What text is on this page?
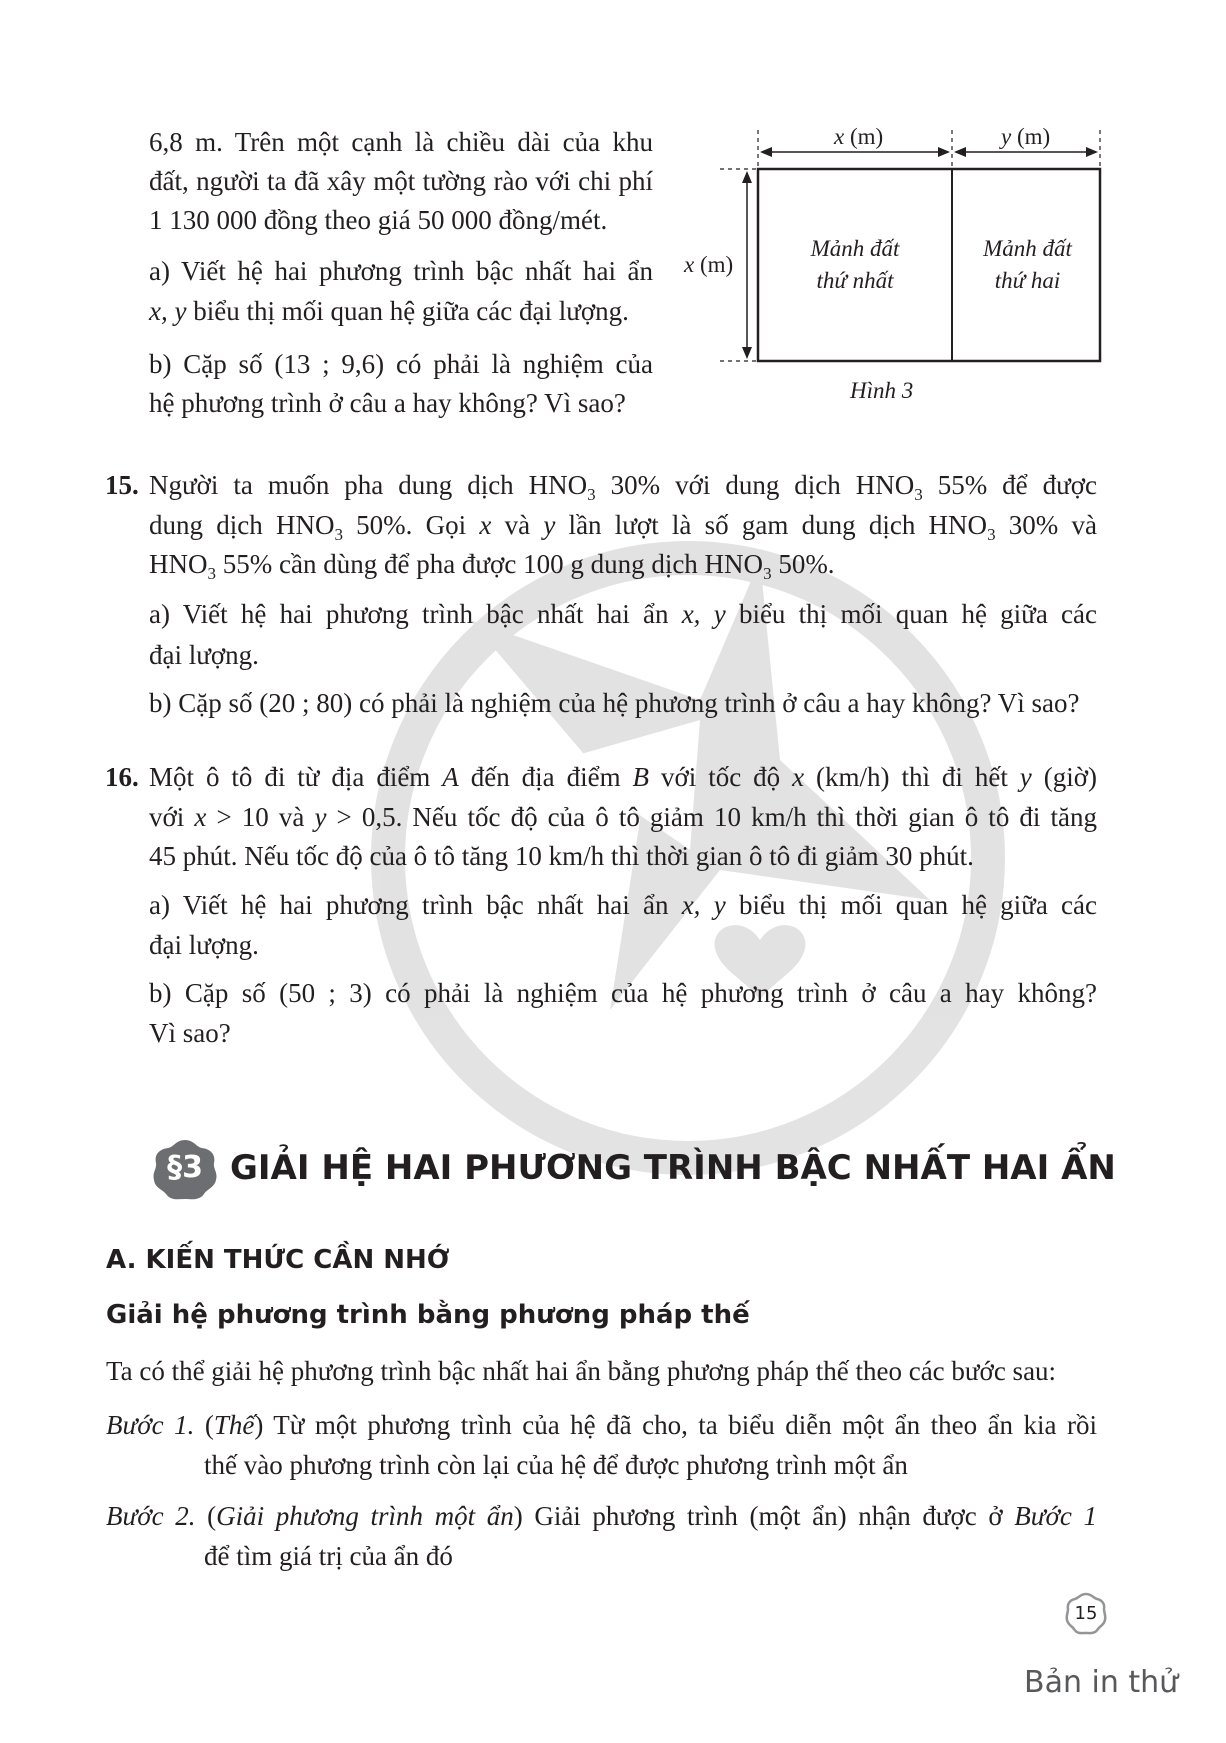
6,8 m. Trên một cạnh là chiều dài của khu
đất, người ta đã xây một tường rào với chi phí
1 130 000 đồng theo giá 50 000 đồng/mét.
a) Viết hệ hai phương trình bậc nhất hai ẩn
x, y biểu thị mối quan hệ giữa các đại lượng.
b) Cặp số (13 ; 9,6) có phải là nghiệm của
hệ phương trình ở câu a hay không? Vì sao?
x (m)	y (m)
x (m)
Mảnh đất
thứ nhất
Mảnh đất
thứ hai
Hình 3
15. Người ta muốn pha dung dịch $HNO_3$ 30% với dung dịch $HNO_3$ 55% để được
dung dịch $HNO_3$ 50%. Gọi x và y lần lượt là số gam dung dịch $HNO_3$ 30% và
$HNO_3$ 55% cần dùng để pha được 100 g dung dịch $HNO_3$ 50%.
a) Viết hệ hai phương trình bậc nhất hai ẩn x, y biểu thị mối quan hệ giữa các
đại lượng.
b) Cặp số (20 ; 80) có phải là nghiệm của hệ phương trình ở câu a hay không? Vì sao?
16. Một ô tô đi từ địa điểm A đến địa điểm B với tốc độ x (km/h) thì đi hết y (giờ)
với x > 10 và y > 0,5. Nếu tốc độ của ô tô giảm 10 km/h thì thời gian ô tô đi tăng
45 phút. Nếu tốc độ của ô tô tăng 10 km/h thì thời gian ô tô đi giảm 30 phút.
a) Viết hệ hai phương trình bậc nhất hai ẩn x, y biểu thị mối quan hệ giữa các
đại lượng.
b) Cặp số (50 ; 3) có phải là nghiệm của hệ phương trình ở câu a hay không?
Vì sao?
§3 GIẢI HỆ HAI PHƯƠNG TRÌNH BẬC NHẤT HAI ẨN
A. KIẾN THỨC CẦN NHỚ
Giải hệ phương trình bằng phương pháp thế
Ta có thể giải hệ phương trình bậc nhất hai ẩn bằng phương pháp thế theo các bước sau:
Bước 1. (Thế) Từ một phương trình của hệ đã cho, ta biểu diễn một ẩn theo ẩn kia rồi
thế vào phương trình còn lại của hệ để được phương trình một ẩn
Bước 2. (Giải phương trình một ẩn) Giải phương trình (một ẩn) nhận được ở Bước 1
để tìm giá trị của ẩn đó
15
Bản in thử
